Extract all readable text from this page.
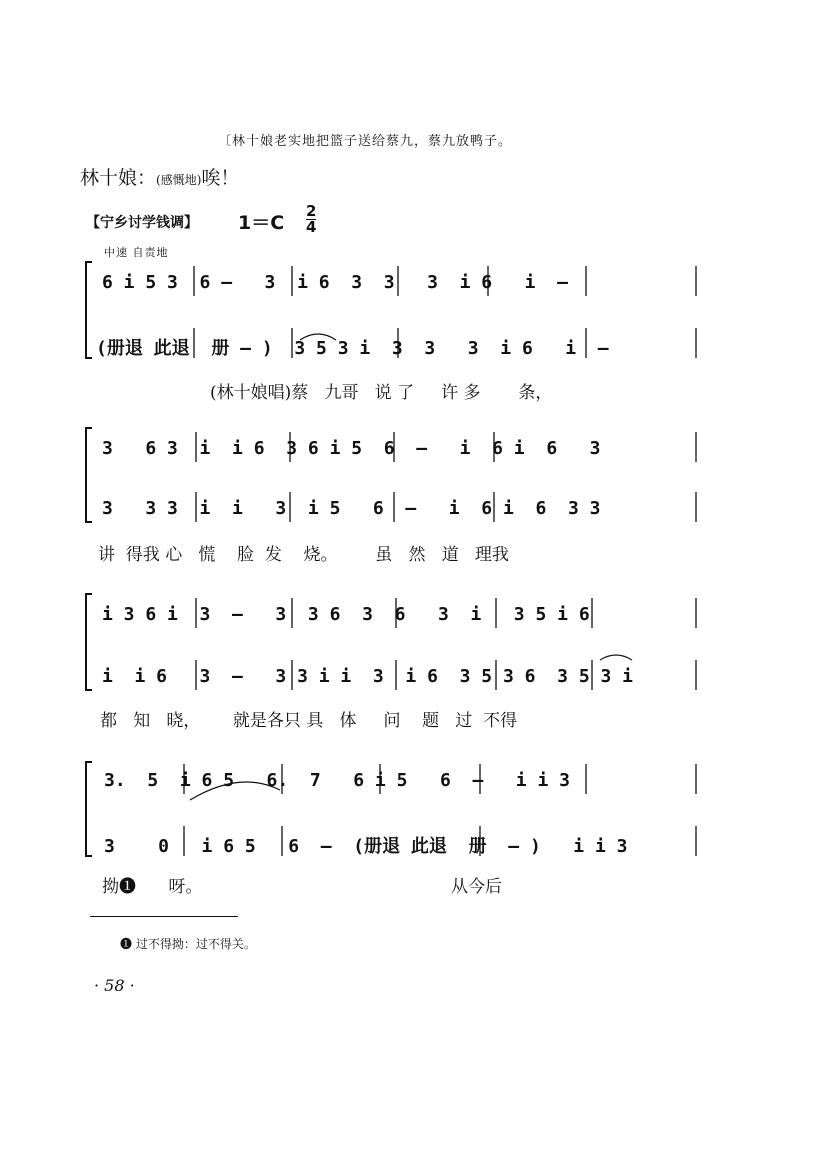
〔林十娘老实地把篮子送给蔡九，蔡九放鸭子。
林十娘：(感慨地)唉！
【宁乡讨学钱调】 1＝C
2
4
中速 自责地
6 i 5 3  6 –   3  i 6  3  3   3  i 6   i  –
(册退 此退  册 – )  3 5 3 i  3  3   3  i 6   i  –
(林十娘唱)蔡   九哥   说 了     许 多       条，
3   6 3  i  i 6  3 6 i 5  6  –   i  6 i  6   3
3   3 3  i  i   3  i 5   6  –   i  6 i  6  3 3
讲  得我 心   慌    脸  发    烧。       虽   然   道   理我
i 3 6 i  3  –   3  3 6  3  6   3  i   3 5 i 6
i  i 6   3  –   3 3 i i  3  i 6  3 5 3 6  3 5 3 i
都   知   晓，      就是各只 具   体     问    题   过  不得
3.  5  i 6 5   6.  7   6 i 5   6  –   i i 3
3    0   i 6 5   6  –  (册退 此退  册  – )   i i 3
拗❶      呀。                                              从今后
❶ 过不得拗：过不得关。
· 58 ·
